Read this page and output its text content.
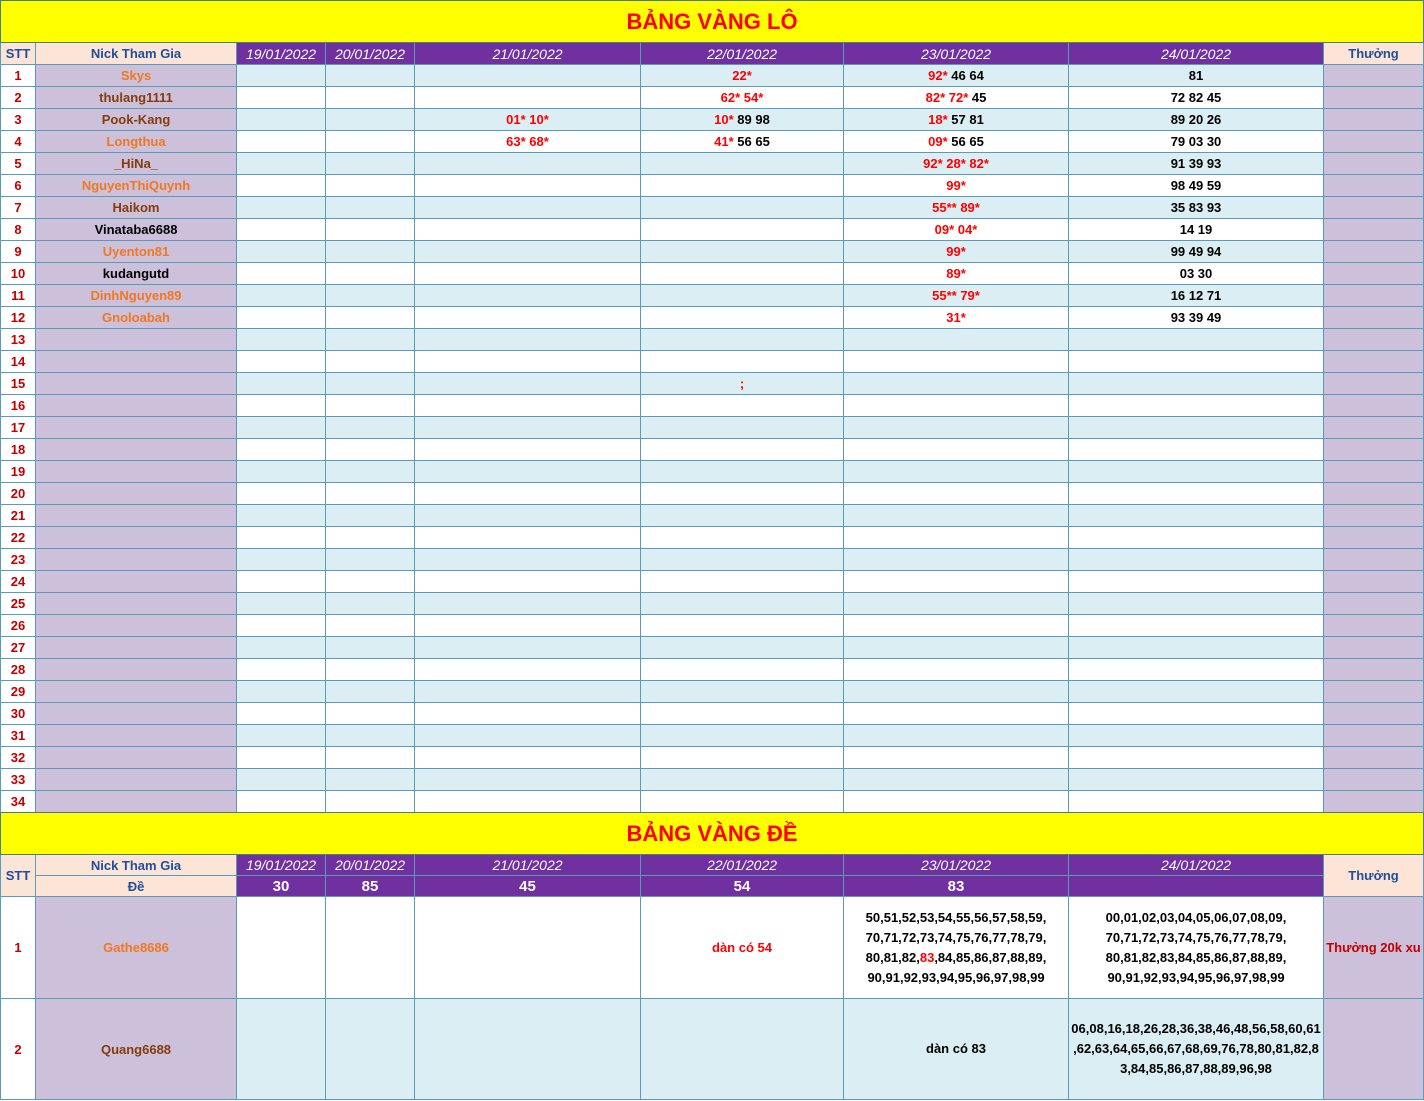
BẢNG VÀNG LÔ								
STT	Nick Tham Gia	19/01/2022	20/01/2022	21/01/2022	22/01/2022	23/01/2022	24/01/2022	Thưởng
1	Skys				22*	92* 46 64	81	
2	thulang1111				62* 54*	82* 72* 45	72 82 45	
3	Pook-Kang			01* 10*	10* 89 98	18* 57 81	89 20 26	
4	Longthua			63* 68*	41* 56 65	09* 56 65	79 03 30	
5	_HiNa_					92* 28* 82*	91 39 93	
6	NguyenThiQuynh					99*	98 49 59	
7	Haikom					55** 89*	35 83 93	
8	Vinataba6688					09* 04*	14 19	
9	Uyenton81					99*	99 49 94	
10	kudangutd					89*	03 30	
11	DinhNguyen89					55** 79*	16 12 71	
12	Gnoloabah					31*	93 39 49	
13								
14								
15					;			
16								
17								
18								
19								
20								
21								
22								
23								
24								
25								
26								
27								
28								
29								
30								
31								
32								
33								
34								
BẢNG VÀNG ĐỀ								
STT	Nick Tham Gia	19/01/2022	20/01/2022	21/01/2022	22/01/2022	23/01/2022	24/01/2022	Thưởng
	Đề	30	85	45	54	83		
1	Gathe8686				dàn có 54	50,51,52,53,54,55,56,57,58,59,
70,71,72,73,74,75,76,77,78,79,
80,81,82,83,84,85,86,87,88,89,
90,91,92,93,94,95,96,97,98,99	00,01,02,03,04,05,06,07,08,09,
70,71,72,73,74,75,76,77,78,79,
80,81,82,83,84,85,86,87,88,89,
90,91,92,93,94,95,96,97,98,99	Thưởng 20k xu
2	Quang6688					dàn có 83	06,08,16,18,26,28,36,38,46,48,56,58,60,61
,62,63,64,65,66,67,68,69,76,78,80,81,82,8
3,84,85,86,87,88,89,96,98	
